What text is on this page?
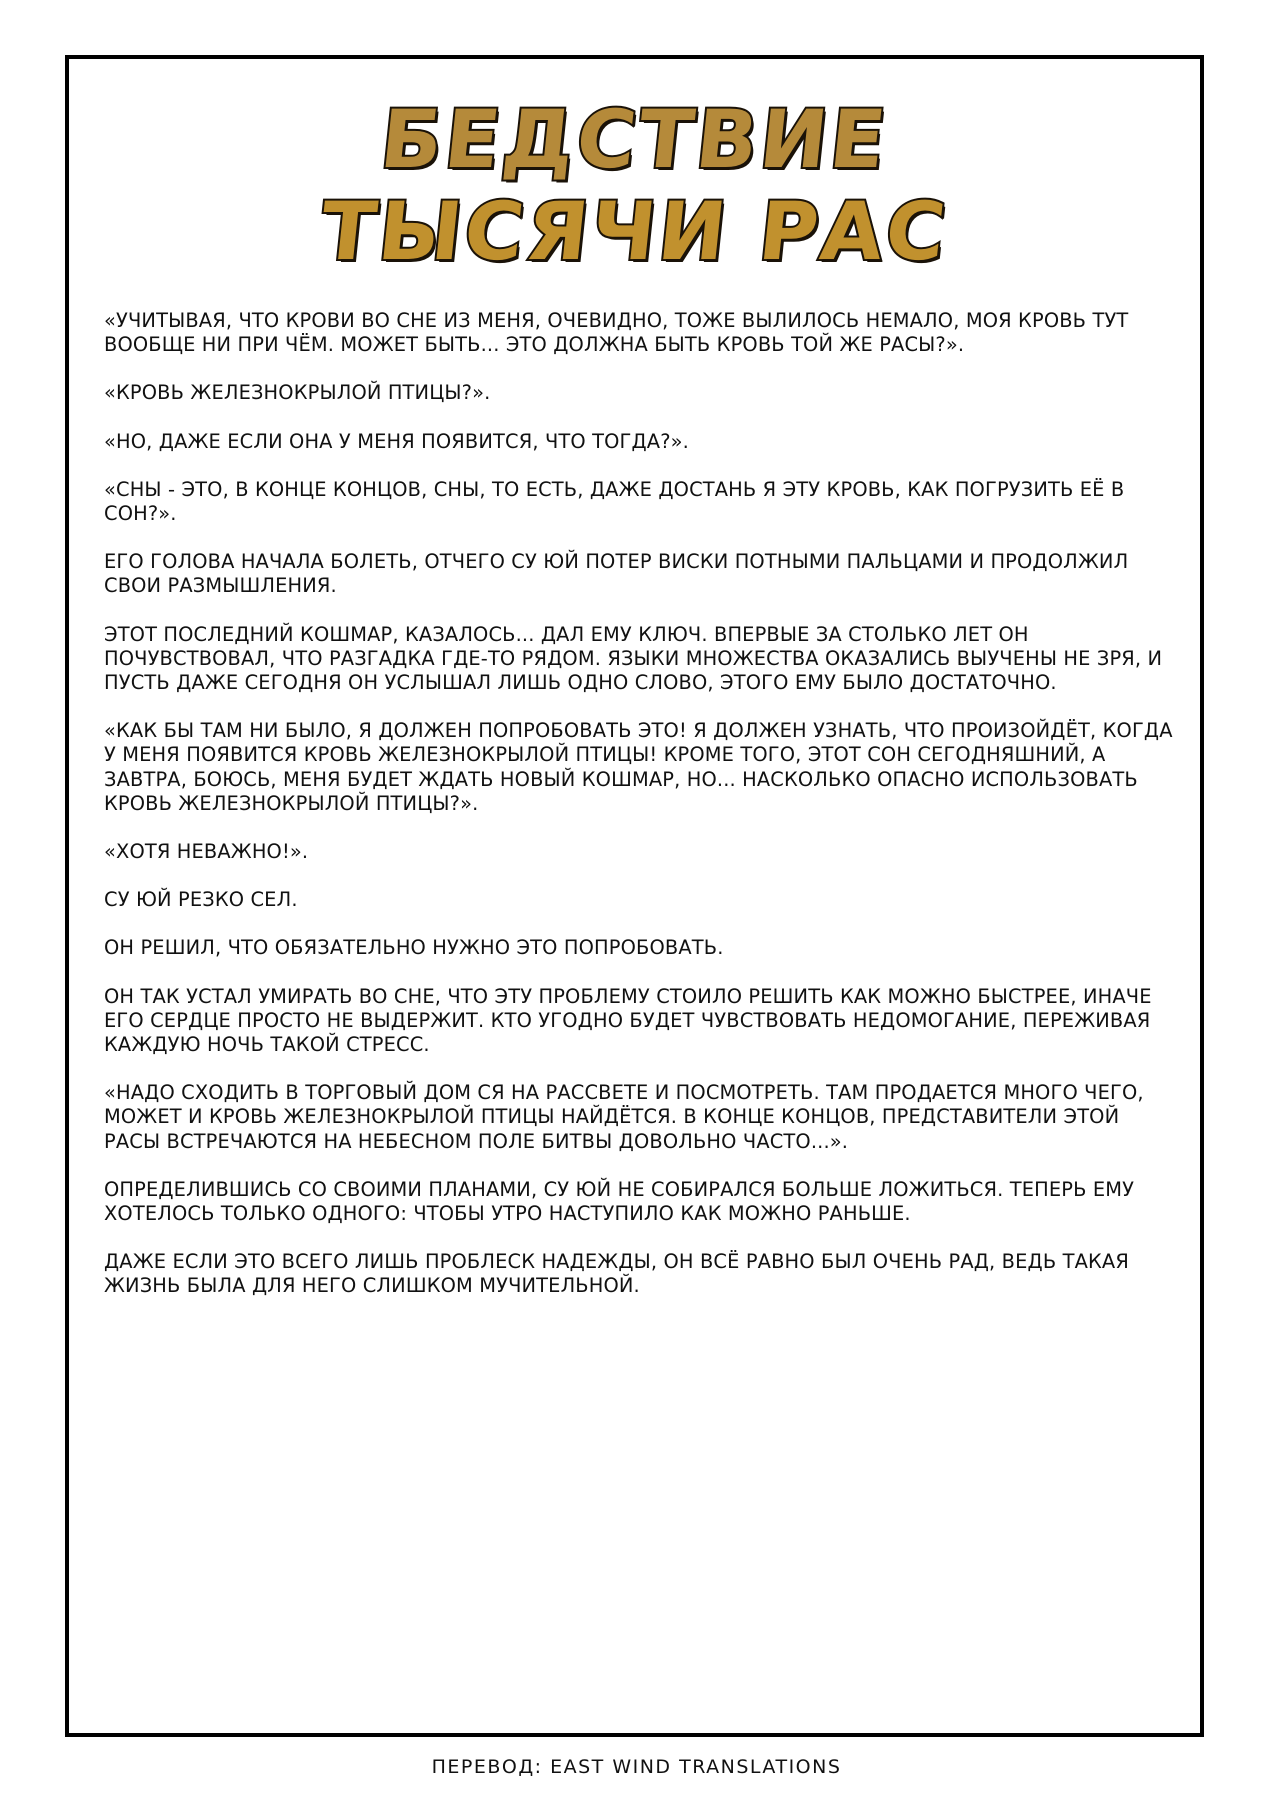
БЕДСТВИЕ
ТЫСЯЧИ РАС

«УЧИТЫВАЯ, ЧТО КРОВИ ВО СНЕ ИЗ МЕНЯ, ОЧЕВИДНО, ТОЖЕ ВЫЛИЛОСЬ НЕМАЛО, МОЯ КРОВЬ ТУТ ВООБЩЕ НИ ПРИ ЧЁМ. МОЖЕТ БЫТЬ... ЭТО ДОЛЖНА БЫТЬ КРОВЬ ТОЙ ЖЕ РАСЫ?».

«КРОВЬ ЖЕЛЕЗНОКРЫЛОЙ ПТИЦЫ?».

«НО, ДАЖЕ ЕСЛИ ОНА У МЕНЯ ПОЯВИТСЯ, ЧТО ТОГДА?».

«СНЫ - ЭТО, В КОНЦЕ КОНЦОВ, СНЫ, ТО ЕСТЬ, ДАЖЕ ДОСТАНЬ Я ЭТУ КРОВЬ, КАК ПОГРУЗИТЬ ЕЁ В СОН?».

ЕГО ГОЛОВА НАЧАЛА БОЛЕТЬ, ОТЧЕГО СУ ЮЙ ПОТЕР ВИСКИ ПОТНЫМИ ПАЛЬЦАМИ И ПРОДОЛЖИЛ СВОИ РАЗМЫШЛЕНИЯ.

ЭТОТ ПОСЛЕДНИЙ КОШМАР, КАЗАЛОСЬ... ДАЛ ЕМУ КЛЮЧ. ВПЕРВЫЕ ЗА СТОЛЬКО ЛЕТ ОН ПОЧУВСТВОВАЛ, ЧТО РАЗГАДКА ГДЕ-ТО РЯДОМ. ЯЗЫКИ МНОЖЕСТВА ОКАЗАЛИСЬ ВЫУЧЕНЫ НЕ ЗРЯ, И ПУСТЬ ДАЖЕ СЕГОДНЯ ОН УСЛЫШАЛ ЛИШЬ ОДНО СЛОВО, ЭТОГО ЕМУ БЫЛО ДОСТАТОЧНО.

«КАК БЫ ТАМ НИ БЫЛО, Я ДОЛЖЕН ПОПРОБОВАТЬ ЭТО! Я ДОЛЖЕН УЗНАТЬ, ЧТО ПРОИЗОЙДЁТ, КОГДА У МЕНЯ ПОЯВИТСЯ КРОВЬ ЖЕЛЕЗНОКРЫЛОЙ ПТИЦЫ! КРОМЕ ТОГО, ЭТОТ СОН СЕГОДНЯШНИЙ, А ЗАВТРА, БОЮСЬ, МЕНЯ БУДЕТ ЖДАТЬ НОВЫЙ КОШМАР, НО... НАСКОЛЬКО ОПАСНО ИСПОЛЬЗОВАТЬ КРОВЬ ЖЕЛЕЗНОКРЫЛОЙ ПТИЦЫ?».

«ХОТЯ НЕВАЖНО!».

СУ ЮЙ РЕЗКО СЕЛ.

ОН РЕШИЛ, ЧТО ОБЯЗАТЕЛЬНО НУЖНО ЭТО ПОПРОБОВАТЬ.

ОН ТАК УСТАЛ УМИРАТЬ ВО СНЕ, ЧТО ЭТУ ПРОБЛЕМУ СТОИЛО РЕШИТЬ КАК МОЖНО БЫСТРЕЕ, ИНАЧЕ ЕГО СЕРДЦЕ ПРОСТО НЕ ВЫДЕРЖИТ. КТО УГОДНО БУДЕТ ЧУВСТВОВАТЬ НЕДОМОГАНИЕ, ПЕРЕЖИВАЯ КАЖДУЮ НОЧЬ ТАКОЙ СТРЕСС.

«НАДО СХОДИТЬ В ТОРГОВЫЙ ДОМ СЯ НА РАССВЕТЕ И ПОСМОТРЕТЬ. ТАМ ПРОДАЕТСЯ МНОГО ЧЕГО, МОЖЕТ И КРОВЬ ЖЕЛЕЗНОКРЫЛОЙ ПТИЦЫ НАЙДЁТСЯ. В КОНЦЕ КОНЦОВ, ПРЕДСТАВИТЕЛИ ЭТОЙ РАСЫ ВСТРЕЧАЮТСЯ НА НЕБЕСНОМ ПОЛЕ БИТВЫ ДОВОЛЬНО ЧАСТО...».

ОПРЕДЕЛИВШИСЬ СО СВОИМИ ПЛАНАМИ, СУ ЮЙ НЕ СОБИРАЛСЯ БОЛЬШЕ ЛОЖИТЬСЯ. ТЕПЕРЬ ЕМУ ХОТЕЛОСЬ ТОЛЬКО ОДНОГО: ЧТОБЫ УТРО НАСТУПИЛО КАК МОЖНО РАНЬШЕ.

ДАЖЕ ЕСЛИ ЭТО ВСЕГО ЛИШЬ ПРОБЛЕСК НАДЕЖДЫ, ОН ВСЁ РАВНО БЫЛ ОЧЕНЬ РАД, ВЕДЬ ТАКАЯ ЖИЗНЬ БЫЛА ДЛЯ НЕГО СЛИШКОМ МУЧИТЕЛЬНОЙ.

ПЕРЕВОД: EAST WIND TRANSLATIONS
